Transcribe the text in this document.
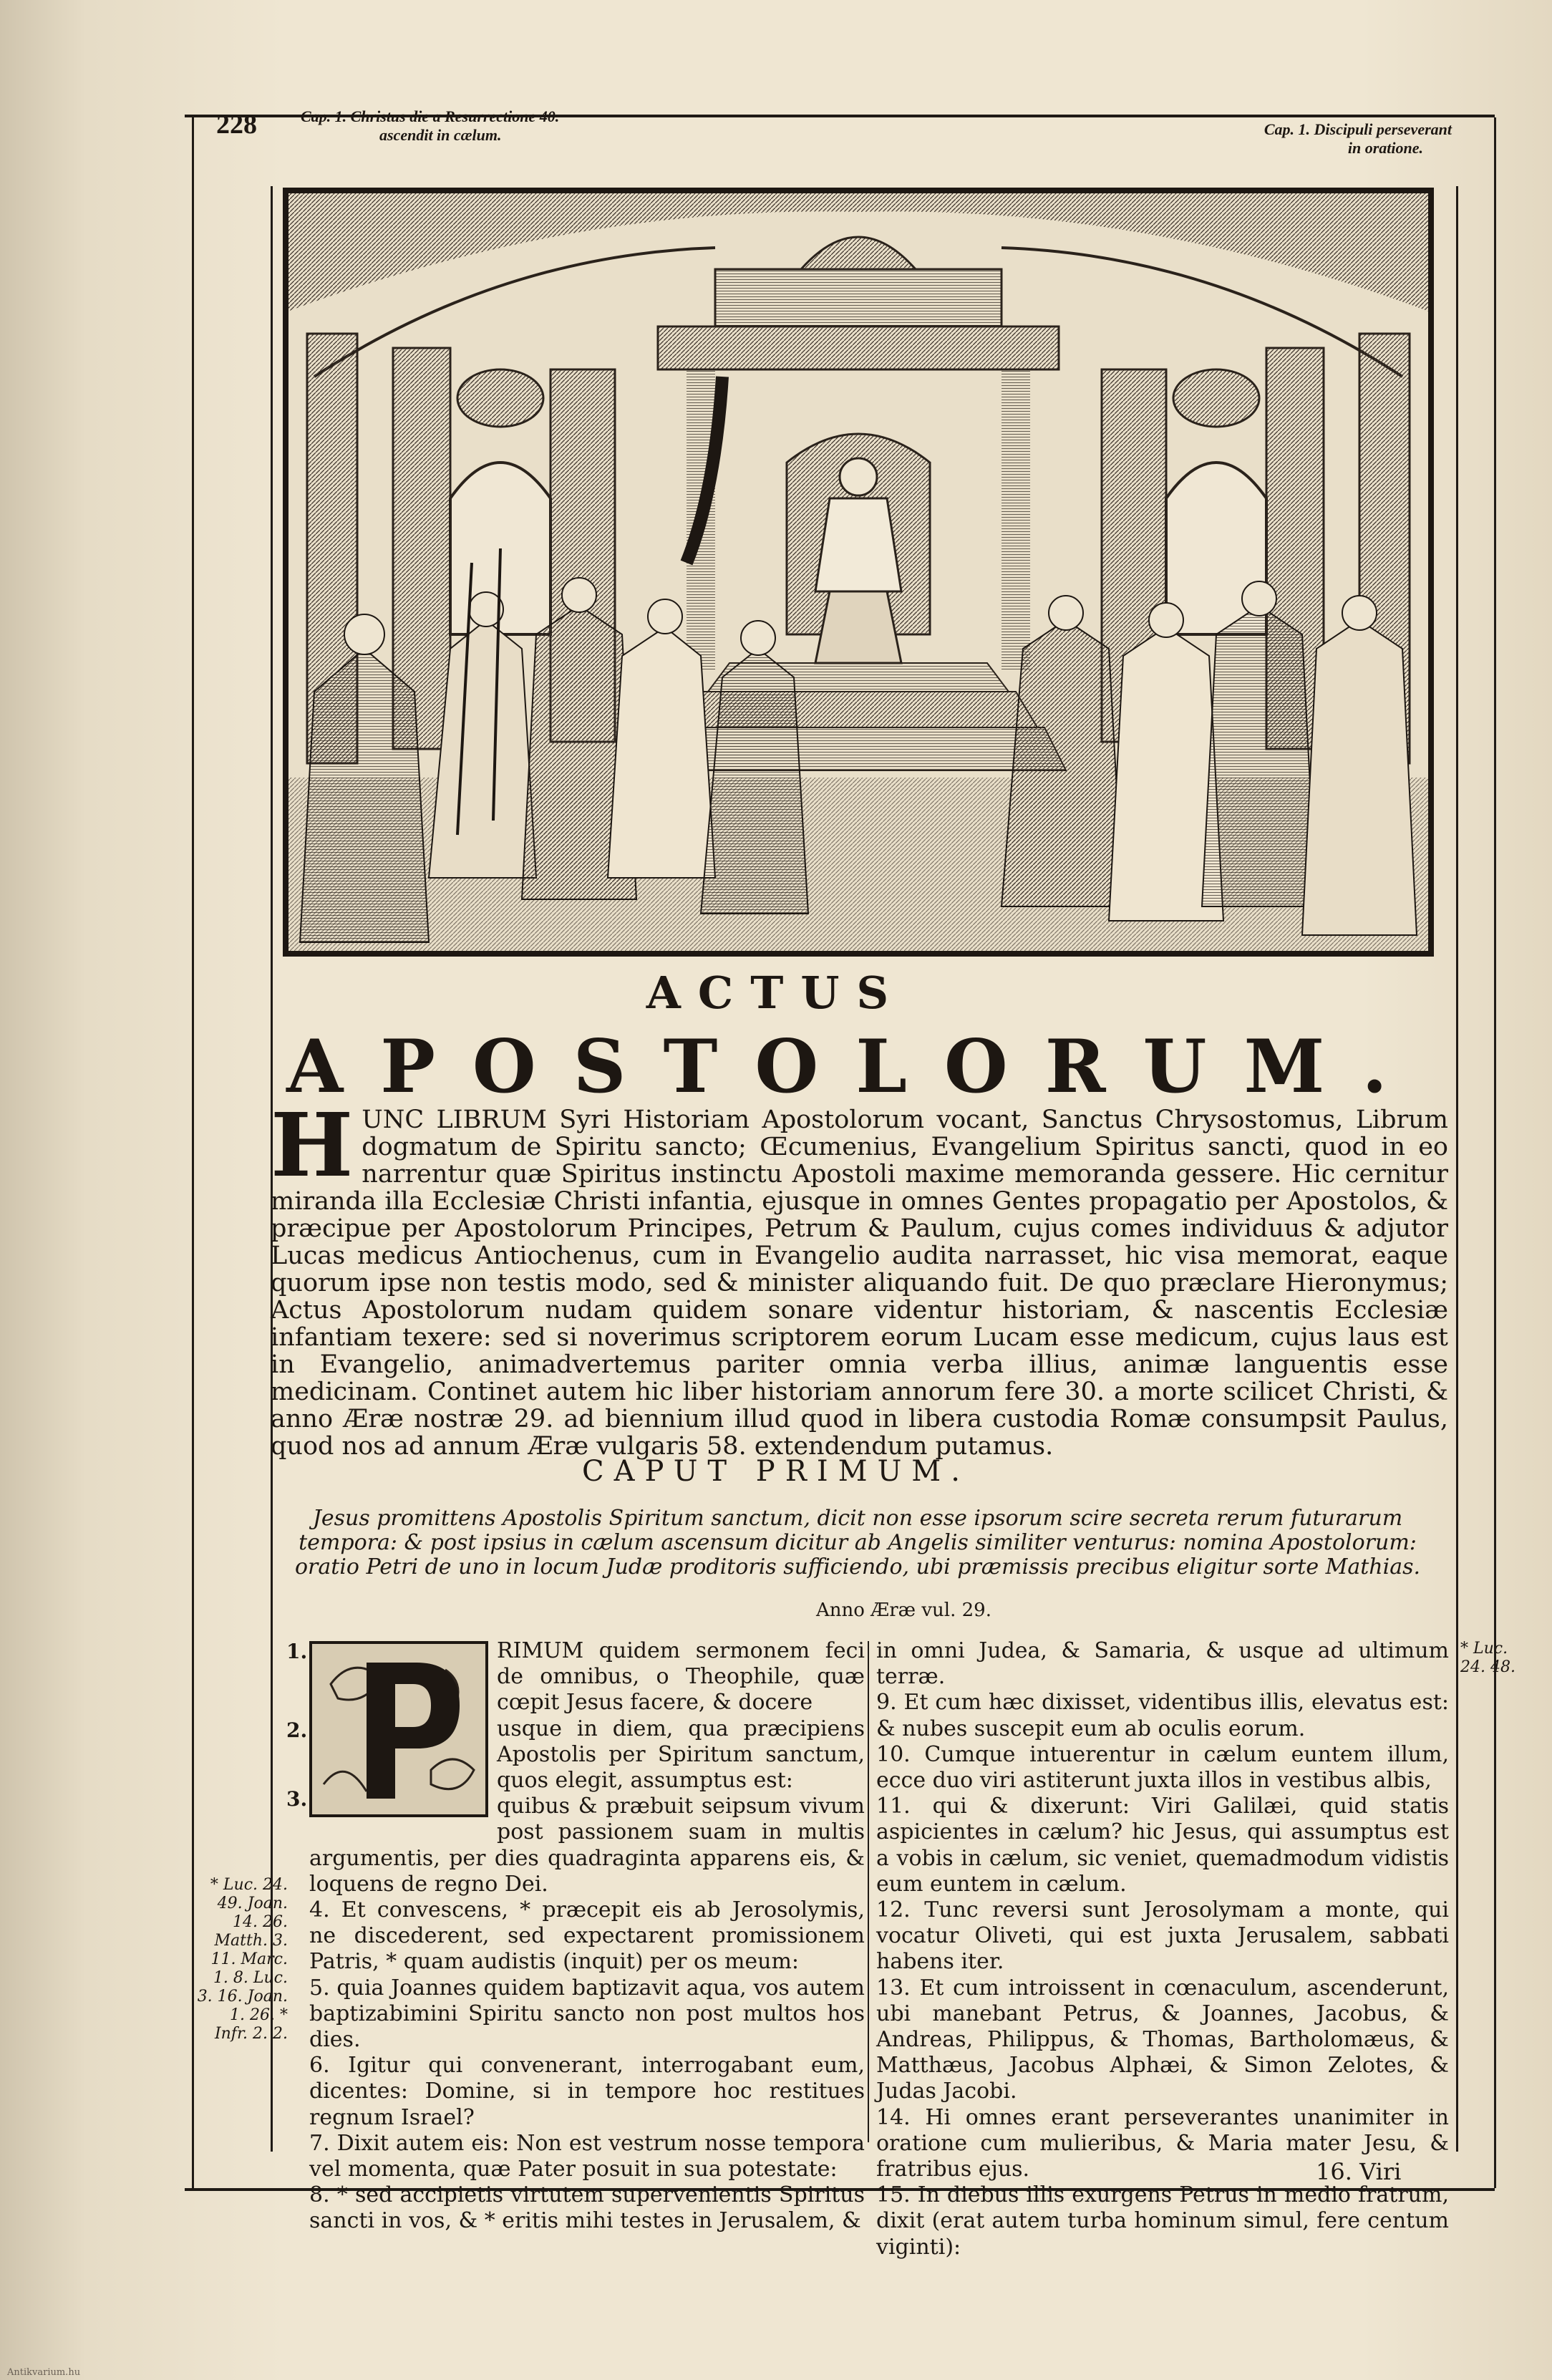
228	Cap. 1. Christus die a Resurrectione 40.
ascendit in cælum.	Cap. 1. Discipuli perseverant
in oratione.
ACTUS
APOSTOLORUM.
HUNC LIBRUM Syri Historiam Apostolorum vocant, Sanctus Chrysostomus, Librum dogmatum de Spiritu sancto; Œcumenius, Evangelium Spiritus sancti, quod in eo narrentur quæ Spiritus instinctu Apostoli maxime memoranda gessere. Hic cernitur miranda illa Ecclesiæ Christi infantia, ejusque in omnes Gentes propagatio per Apostolos, & præcipue per Apostolorum Principes, Petrum & Paulum, cujus comes individuus & adjutor Lucas medicus Antiochenus, cum in Evangelio audita narrasset, hic visa memorat, eaque quorum ipse non testis modo, sed & minister aliquando fuit. De quo præclare Hieronymus; Actus Apostolorum nudam quidem sonare videntur historiam, & nascentis Ecclesiæ infantiam texere: sed si noverimus scriptorem eorum Lucam esse medicum, cujus laus est in Evangelio, animadvertemus pariter omnia verba illius, animæ languentis esse medicinam. Continet autem hic liber historiam annorum fere 30. a morte scilicet Christi, & anno Æræ nostræ 29. ad biennium illud quod in libera custodia Romæ consumpsit Paulus, quod nos ad annum Æræ vulgaris 58. extendendum putamus.
CAPUT PRIMUM.
Jesus promittens Apostolis Spiritum sanctum, dicit non esse ipsorum scire secreta rerum futurarum tempora: & post ipsius in cælum ascensum dicitur ab Angelis similiter venturus: nomina Apostolorum: oratio Petri de uno in locum Judæ proditoris sufficiendo, ubi præmissis precibus eligitur sorte Mathias.
Anno Æræ vul. 29.
1.
2.
3.
RIMUM quidem sermonem feci de omnibus, o Theophile, quæ cœpit Jesus facere, & docere
usque in diem, qua præcipiens Apostolis per Spiritum sanctum, quos elegit, assumptus est:
quibus & præbuit seipsum vivum post passionem suam in multis argumentis, per dies quadraginta apparens eis, & loquens de regno Dei.
4. Et convescens, * præcepit eis ab Jerosolymis, ne discederent, sed expectarent promissionem Patris, * quam audistis (inquit) per os meum:
5. quia Joannes quidem baptizavit aqua, vos autem baptizabimini Spiritu sancto non post multos hos dies.
6. Igitur qui convenerant, interrogabant eum, dicentes: Domine, si in tempore hoc restitues regnum Israel?
7. Dixit autem eis: Non est vestrum nosse tempora vel momenta, quæ Pater posuit in sua potestate:
8. * sed accipietis virtutem supervenientis Spiritus sancti in vos, & * eritis mihi testes in Jerusalem, &
in omni Judea, & Samaria, & usque ad ultimum terræ.
9. Et cum hæc dixisset, videntibus illis, elevatus est: & nubes suscepit eum ab oculis eorum.
10. Cumque intuerentur in cælum euntem illum, ecce duo viri astiterunt juxta illos in vestibus albis,
11. qui & dixerunt: Viri Galilæi, quid statis aspicientes in cælum? hic Jesus, qui assumptus est a vobis in cælum, sic veniet, quemadmodum vidistis eum euntem in cælum.
12. Tunc reversi sunt Jerosolymam a monte, qui vocatur Oliveti, qui est juxta Jerusalem, sabbati habens iter.
13. Et cum introissent in cœnaculum, ascenderunt, ubi manebant Petrus, & Joannes, Jacobus, & Andreas, Philippus, & Thomas, Bartholomæus, & Matthæus, Jacobus Alphæi, & Simon Zelotes, & Judas Jacobi.
14. Hi omnes erant perseverantes unanimiter in oratione cum mulieribus, & Maria mater Jesu, & fratribus ejus.
15. In diebus illis exurgens Petrus in medio fratrum, dixit (erat autem turba hominum simul, fere centum viginti):
* Luc. 24. 49. Joan. 14. 26. Matth. 3. 11. Marc. 1. 8. Luc. 3. 16. Joan. 1. 26. * Infr. 2. 2.
* Luc. 24. 48.
16. Viri
Antikvarium.hu
